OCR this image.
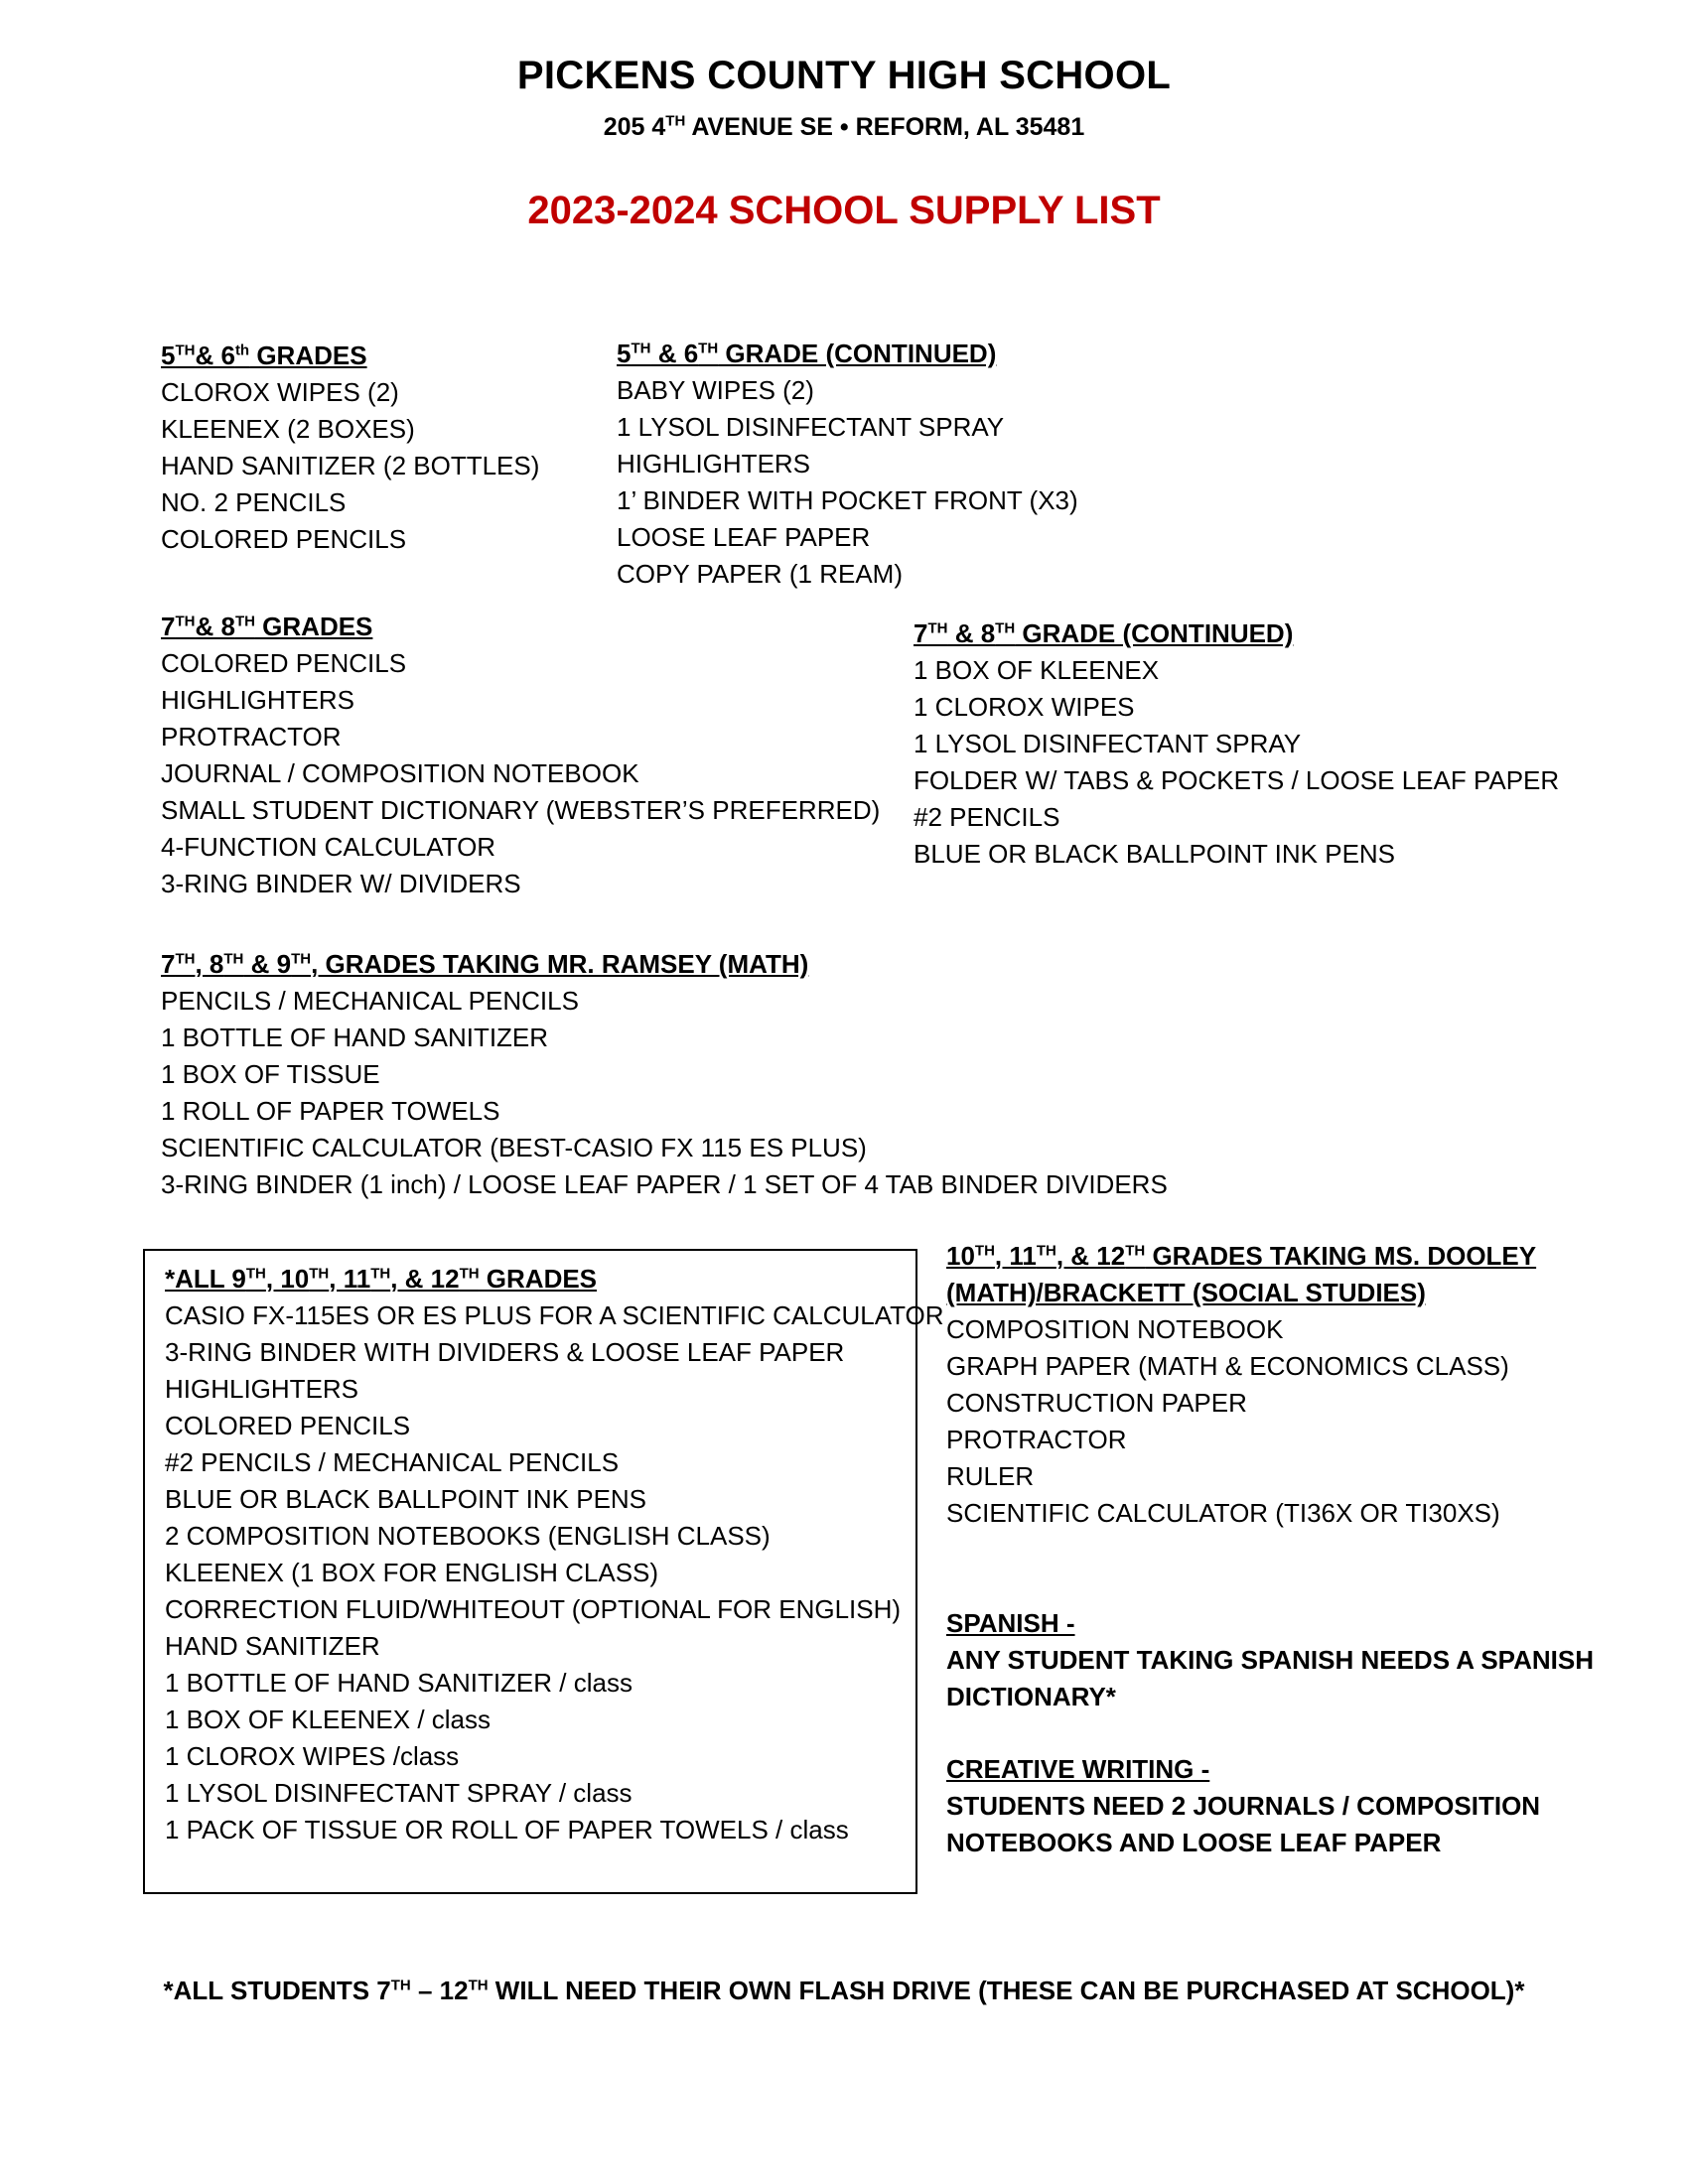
PICKENS COUNTY HIGH SCHOOL
205 4TH AVENUE SE • REFORM, AL 35481
2023-2024 SCHOOL SUPPLY LIST
5TH& 6th GRADES
CLOROX WIPES (2)
KLEENEX (2 BOXES)
HAND SANITIZER (2 BOTTLES)
NO. 2 PENCILS
COLORED PENCILS
5TH & 6TH GRADE (CONTINUED)
BABY WIPES (2)
1 LYSOL DISINFECTANT SPRAY
HIGHLIGHTERS
1’ BINDER WITH POCKET FRONT (X3)
LOOSE LEAF PAPER
COPY PAPER (1 REAM)
7TH& 8TH GRADES
COLORED PENCILS
HIGHLIGHTERS
PROTRACTOR
JOURNAL / COMPOSITION NOTEBOOK
SMALL STUDENT DICTIONARY (WEBSTER’S PREFERRED)
4-FUNCTION CALCULATOR
3-RING BINDER W/ DIVIDERS
7TH & 8TH GRADE (CONTINUED)
1 BOX OF KLEENEX
1 CLOROX WIPES
1 LYSOL DISINFECTANT SPRAY
FOLDER W/ TABS & POCKETS / LOOSE LEAF PAPER
#2 PENCILS
BLUE OR BLACK BALLPOINT INK PENS
7TH, 8TH & 9TH, GRADES TAKING MR. RAMSEY (MATH)
PENCILS / MECHANICAL PENCILS
1 BOTTLE OF HAND SANITIZER
1 BOX OF TISSUE
1 ROLL OF PAPER TOWELS
SCIENTIFIC CALCULATOR (BEST-CASIO FX 115 ES PLUS)
3-RING BINDER (1 inch) / LOOSE LEAF PAPER / 1 SET OF 4 TAB BINDER DIVIDERS
*ALL 9TH, 10TH, 11TH, & 12TH GRADES
CASIO FX-115ES OR ES PLUS FOR A SCIENTIFIC CALCULATOR
3-RING BINDER WITH DIVIDERS & LOOSE LEAF PAPER
HIGHLIGHTERS
COLORED PENCILS
#2 PENCILS / MECHANICAL PENCILS
BLUE OR BLACK BALLPOINT INK PENS
2 COMPOSITION NOTEBOOKS (ENGLISH CLASS)
KLEENEX (1 BOX FOR ENGLISH CLASS)
CORRECTION FLUID/WHITEOUT (OPTIONAL FOR ENGLISH)
HAND SANITIZER
1 BOTTLE OF HAND SANITIZER / class
1 BOX OF KLEENEX / class
1 CLOROX WIPES /class
1 LYSOL DISINFECTANT SPRAY / class
1 PACK OF TISSUE OR ROLL OF PAPER TOWELS / class
10TH, 11TH, & 12TH GRADES TAKING MS. DOOLEY
(MATH)/BRACKETT (SOCIAL STUDIES)
COMPOSITION NOTEBOOK
GRAPH PAPER (MATH & ECONOMICS CLASS)
CONSTRUCTION PAPER
PROTRACTOR
RULER
SCIENTIFIC CALCULATOR (TI36X OR TI30XS)
SPANISH -
ANY STUDENT TAKING SPANISH NEEDS A SPANISH
DICTIONARY*
CREATIVE WRITING -
STUDENTS NEED 2 JOURNALS / COMPOSITION
NOTEBOOKS AND LOOSE LEAF PAPER
*ALL STUDENTS 7TH – 12TH WILL NEED THEIR OWN FLASH DRIVE (THESE CAN BE PURCHASED AT SCHOOL)*
